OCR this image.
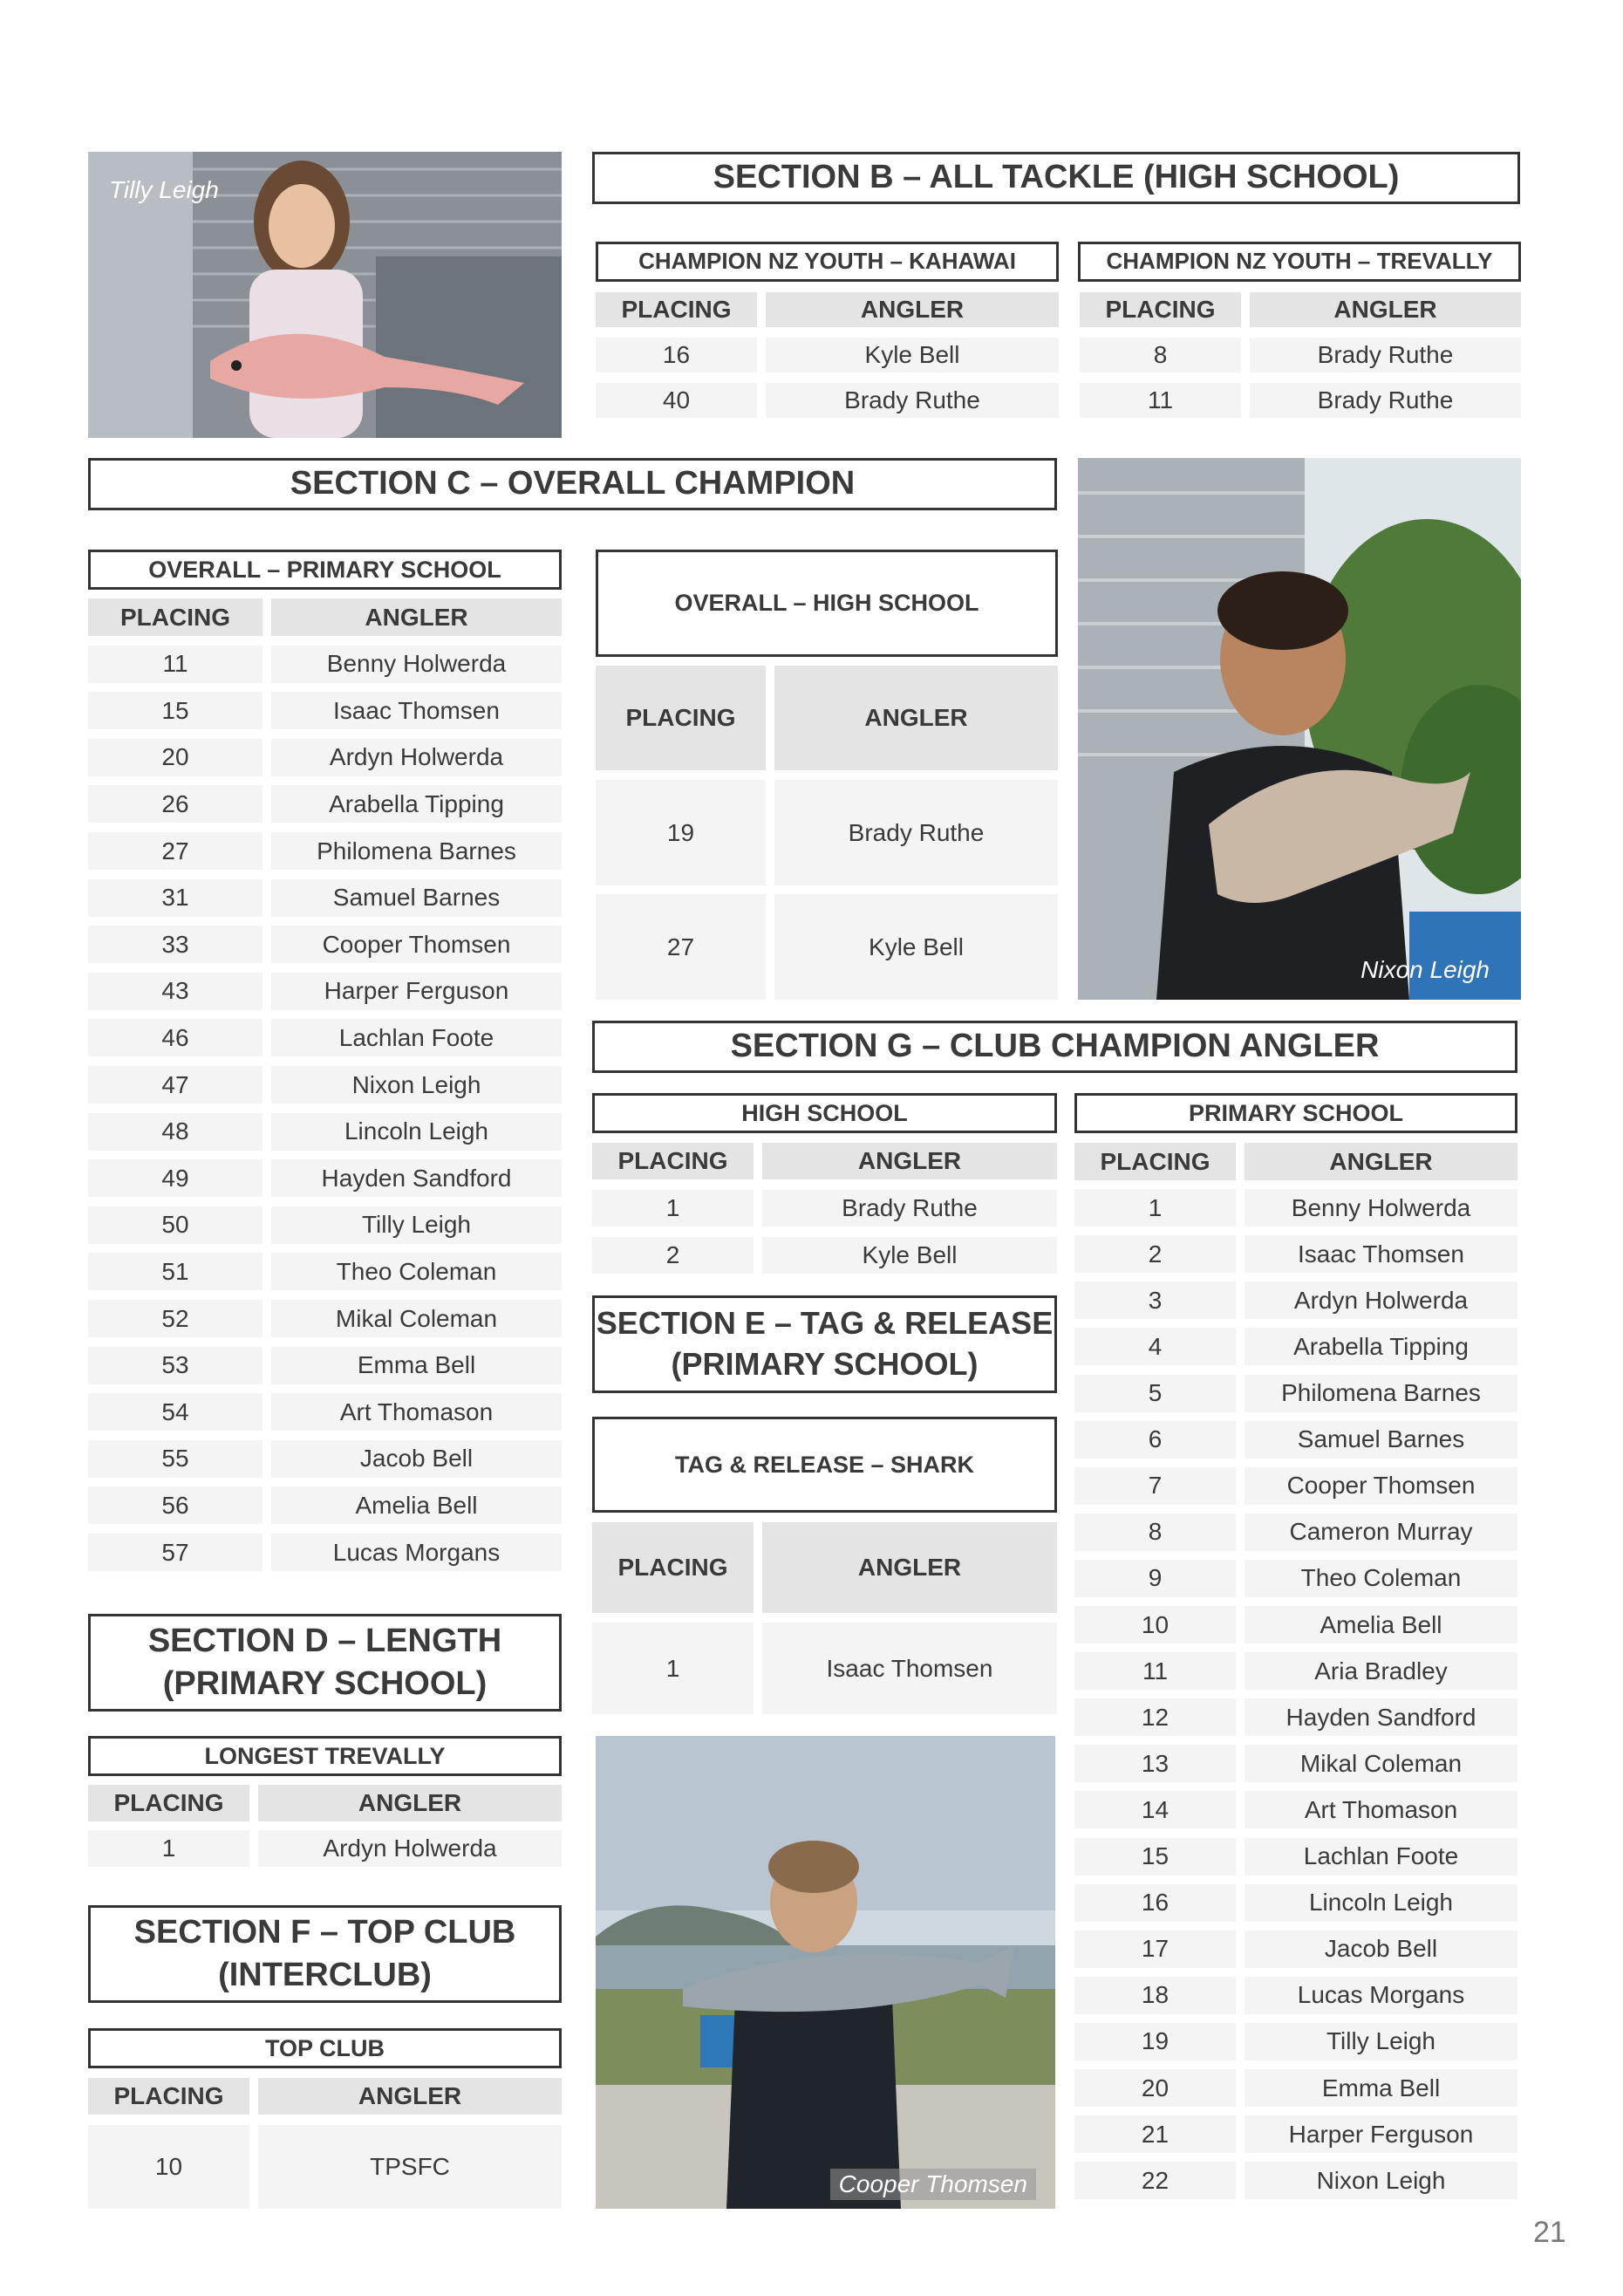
Tilly Leigh	SECTION B – ALL TACKLE (HIGH SCHOOL)
CHAMPION NZ YOUTH – KAHAWAI
PLACING	ANGLER
16	Kyle Bell
40	Brady Ruthe
CHAMPION NZ YOUTH – TREVALLY
PLACING	ANGLER
8	Brady Ruthe
11	Brady Ruthe
SECTION C – OVERALL CHAMPION
OVERALL – PRIMARY SCHOOL
PLACING	ANGLER
11	Benny Holwerda
15	Isaac Thomsen
20	Ardyn Holwerda
26	Arabella Tipping
27	Philomena Barnes
31	Samuel Barnes
33	Cooper Thomsen
43	Harper Ferguson
46	Lachlan Foote
47	Nixon Leigh
48	Lincoln Leigh
49	Hayden Sandford
50	Tilly Leigh
51	Theo Coleman
52	Mikal Coleman
53	Emma Bell
54	Art Thomason
55	Jacob Bell
56	Amelia Bell
57	Lucas Morgans
OVERALL – HIGH SCHOOL
PLACING	ANGLER
19	Brady Ruthe
27	Kyle Bell
Nixon Leigh
SECTION G – CLUB CHAMPION ANGLER
HIGH SCHOOL
PLACING	ANGLER
1	Brady Ruthe
2	Kyle Bell
PRIMARY SCHOOL
PLACING	ANGLER
1	Benny Holwerda
2	Isaac Thomsen
3	Ardyn Holwerda
4	Arabella Tipping
5	Philomena Barnes
6	Samuel Barnes
7	Cooper Thomsen
8	Cameron Murray
9	Theo Coleman
10	Amelia Bell
11	Aria Bradley
12	Hayden Sandford
13	Mikal Coleman
14	Art Thomason
15	Lachlan Foote
16	Lincoln Leigh
17	Jacob Bell
18	Lucas Morgans
19	Tilly Leigh
20	Emma Bell
21	Harper Ferguson
22	Nixon Leigh
SECTION E – TAG & RELEASE
(PRIMARY SCHOOL)
TAG & RELEASE – SHARK
PLACING	ANGLER
1	Isaac Thomsen
Cooper Thomsen
SECTION D – LENGTH
(PRIMARY SCHOOL)
LONGEST TREVALLY
PLACING	ANGLER
1	Ardyn Holwerda
SECTION F – TOP CLUB
(INTERCLUB)
TOP CLUB
PLACING	ANGLER
10	TPSFC
21
